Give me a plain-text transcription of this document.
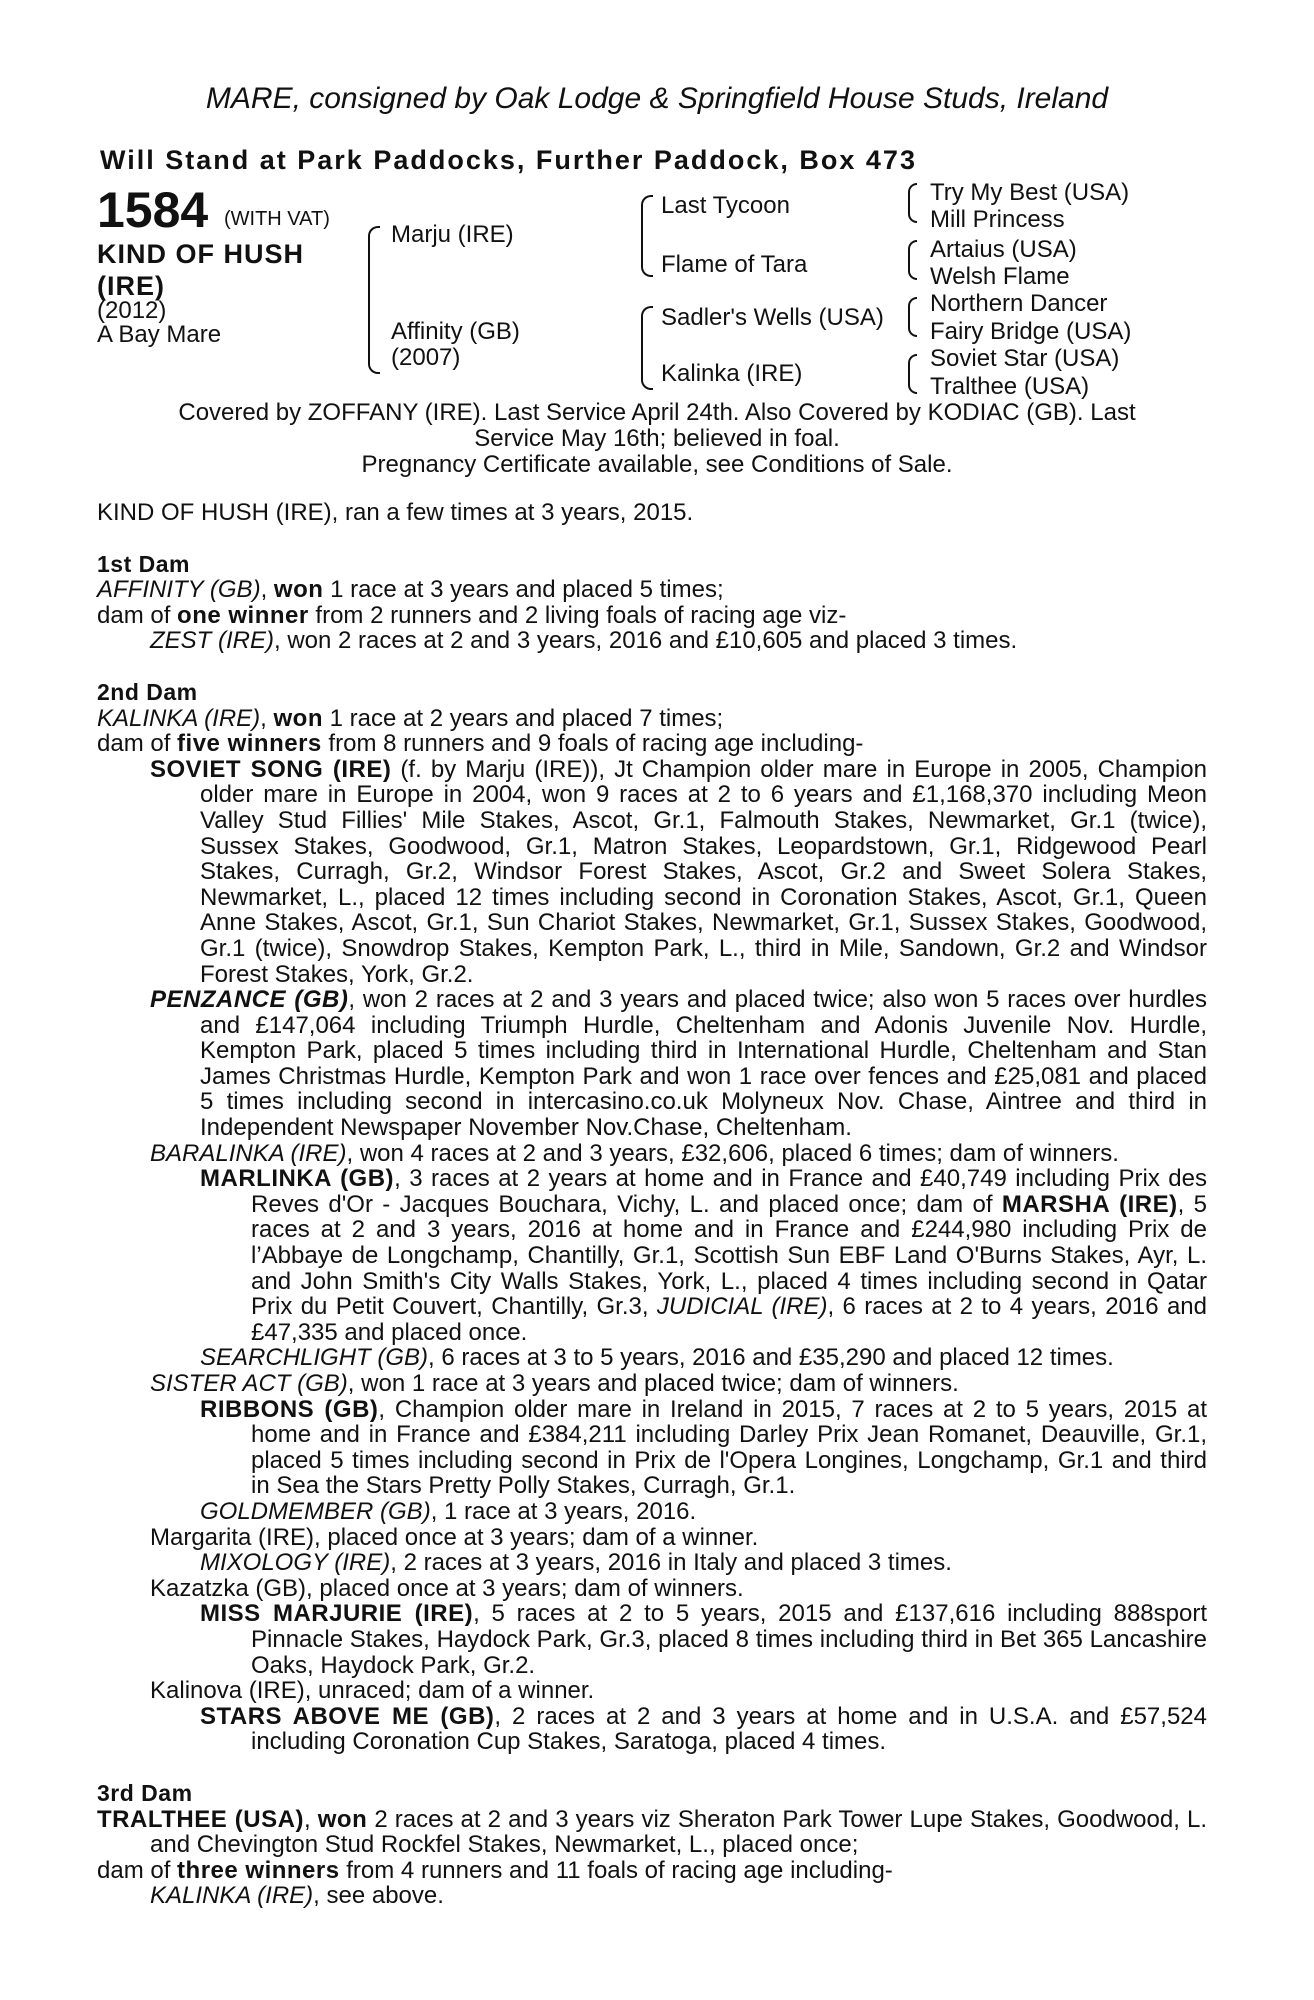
MARE, consigned by Oak Lodge & Springfield House Studs, Ireland
Will Stand at Park Paddocks, Further Paddock, Box 473
1584 (WITH VAT)
KIND OF HUSH (IRE)
(2012)
A Bay Mare
Marju (IRE)
Affinity (GB)
(2007)
Last Tycoon
Flame of Tara
Sadler's Wells (USA)
Kalinka (IRE)
Try My Best (USA)
Mill Princess
Artaius (USA)
Welsh Flame
Northern Dancer
Fairy Bridge (USA)
Soviet Star (USA)
Tralthee (USA)
Covered by ZOFFANY (IRE). Last Service April 24th. Also Covered by KODIAC (GB). Last
Service May 16th; believed in foal.
Pregnancy Certificate available, see Conditions of Sale.

KIND OF HUSH (IRE), ran a few times at 3 years, 2015.

1st Dam

AFFINITY (GB), won 1 race at 3 years and placed 5 times;

dam of one winner from 2 runners and 2 living foals of racing age viz-

ZEST (IRE), won 2 races at 2 and 3 years, 2016 and £10,605 and placed 3 times.

2nd Dam

KALINKA (IRE), won 1 race at 2 years and placed 7 times;

dam of five winners from 8 runners and 9 foals of racing age including-

SOVIET SONG (IRE) (f. by Marju (IRE)), Jt Champion older mare in Europe in 2005, Champion older mare in Europe in 2004, won 9 races at 2 to 6 years and £1,168,370 including Meon Valley Stud Fillies' Mile Stakes, Ascot, Gr.1, Falmouth Stakes, Newmarket, Gr.1 (twice), Sussex Stakes, Goodwood, Gr.1, Matron Stakes, Leopardstown, Gr.1, Ridgewood Pearl Stakes, Curragh, Gr.2, Windsor Forest Stakes, Ascot, Gr.2 and Sweet Solera Stakes, Newmarket, L., placed 12 times including second in Coronation Stakes, Ascot, Gr.1, Queen Anne Stakes, Ascot, Gr.1, Sun Chariot Stakes, Newmarket, Gr.1, Sussex Stakes, Goodwood, Gr.1 (twice), Snowdrop Stakes, Kempton Park, L., third in Mile, Sandown, Gr.2 and Windsor Forest Stakes, York, Gr.2.

PENZANCE (GB), won 2 races at 2 and 3 years and placed twice; also won 5 races over hurdles and £147,064 including Triumph Hurdle, Cheltenham and Adonis Juvenile Nov. Hurdle, Kempton Park, placed 5 times including third in International Hurdle, Cheltenham and Stan James Christmas Hurdle, Kempton Park and won 1 race over fences and £25,081 and placed 5 times including second in intercasino.co.uk Molyneux Nov. Chase, Aintree and third in Independent Newspaper November Nov.Chase, Cheltenham.

BARALINKA (IRE), won 4 races at 2 and 3 years, £32,606, placed 6 times; dam of winners.

MARLINKA (GB), 3 races at 2 years at home and in France and £40,749 including Prix des Reves d'Or - Jacques Bouchara, Vichy, L. and placed once; dam of MARSHA (IRE), 5 races at 2 and 3 years, 2016 at home and in France and £244,980 including Prix de l’Abbaye de Longchamp, Chantilly, Gr.1, Scottish Sun EBF Land O'Burns Stakes, Ayr, L. and John Smith's City Walls Stakes, York, L., placed 4 times including second in Qatar Prix du Petit Couvert, Chantilly, Gr.3, JUDICIAL (IRE), 6 races at 2 to 4 years, 2016 and £47,335 and placed once.

SEARCHLIGHT (GB), 6 races at 3 to 5 years, 2016 and £35,290 and placed 12 times.

SISTER ACT (GB), won 1 race at 3 years and placed twice; dam of winners.

RIBBONS (GB), Champion older mare in Ireland in 2015, 7 races at 2 to 5 years, 2015 at home and in France and £384,211 including Darley Prix Jean Romanet, Deauville, Gr.1, placed 5 times including second in Prix de l'Opera Longines, Longchamp, Gr.1 and third in Sea the Stars Pretty Polly Stakes, Curragh, Gr.1.

GOLDMEMBER (GB), 1 race at 3 years, 2016.

Margarita (IRE), placed once at 3 years; dam of a winner.

MIXOLOGY (IRE), 2 races at 3 years, 2016 in Italy and placed 3 times.

Kazatzka (GB), placed once at 3 years; dam of winners.

MISS MARJURIE (IRE), 5 races at 2 to 5 years, 2015 and £137,616 including 888sport Pinnacle Stakes, Haydock Park, Gr.3, placed 8 times including third in Bet 365 Lancashire Oaks, Haydock Park, Gr.2.

Kalinova (IRE), unraced; dam of a winner.

STARS ABOVE ME (GB), 2 races at 2 and 3 years at home and in U.S.A. and £57,524 including Coronation Cup Stakes, Saratoga, placed 4 times.

3rd Dam

TRALTHEE (USA), won 2 races at 2 and 3 years viz Sheraton Park Tower Lupe Stakes, Goodwood, L. and Chevington Stud Rockfel Stakes, Newmarket, L., placed once;

dam of three winners from 4 runners and 11 foals of racing age including-

KALINKA (IRE), see above.
